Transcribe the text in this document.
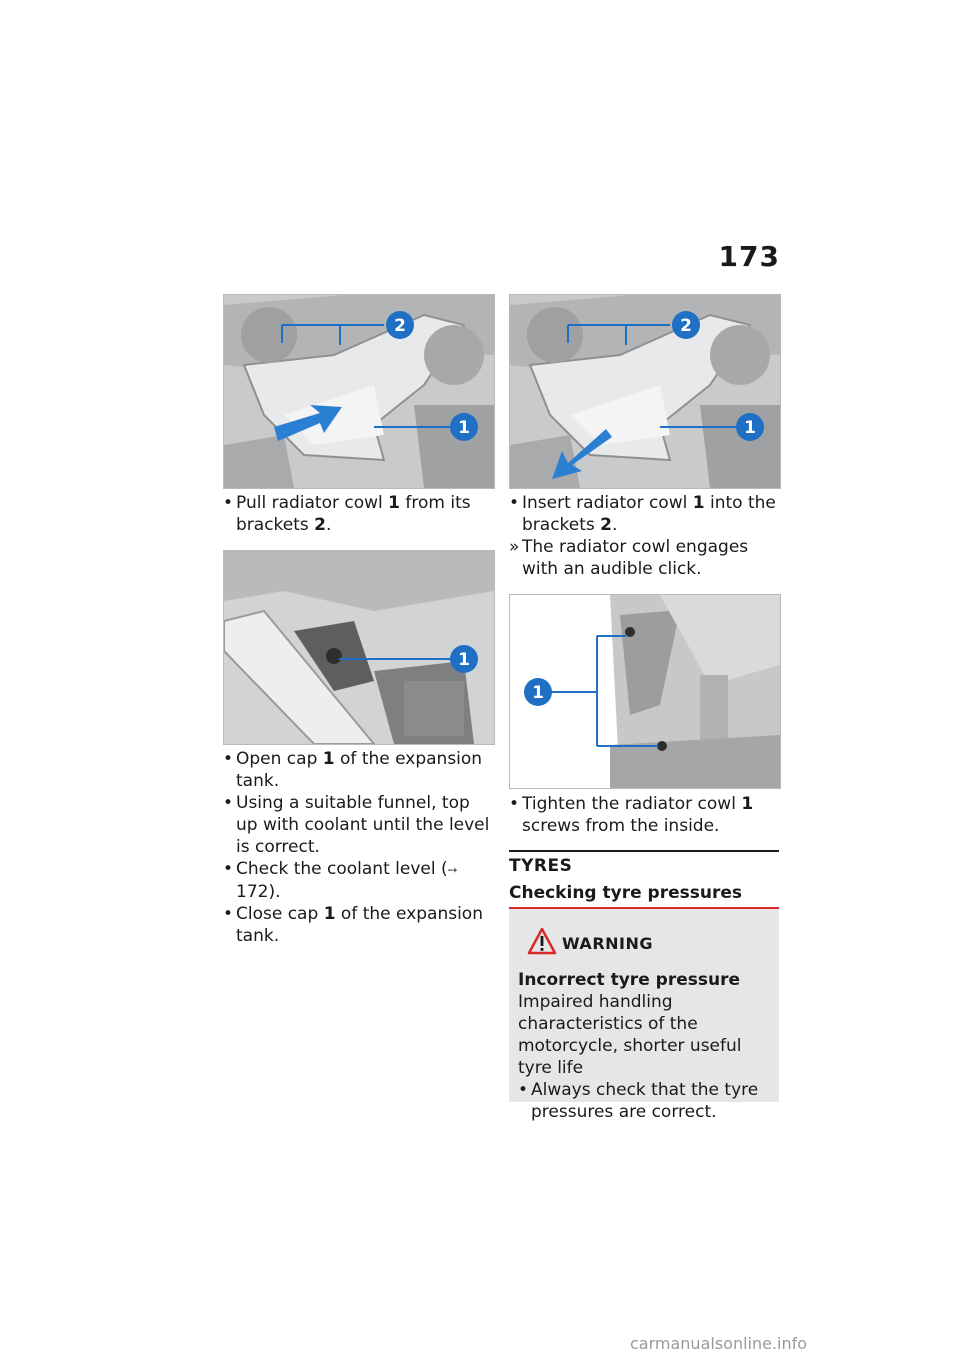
173
2
1
2
1
1
1
• Pull radiator cowl 1 from its brackets 2.
• Open cap 1 of the expansion tank.
• Using a suitable funnel, top up with coolant until the level is correct.
• Check the coolant level (➙ 172).
• Close cap 1 of the expansion tank.
• Insert radiator cowl 1 into the brackets 2.
» The radiator cowl engages with an audible click.
• Tighten the radiator cowl 1 screws from the inside.
TYRES
Checking tyre pressures
WARNING
Incorrect tyre pressure
Impaired handling characteristics of the motorcycle, shorter useful tyre life
• Always check that the tyre pressures are correct.
carmanualsonline.info
